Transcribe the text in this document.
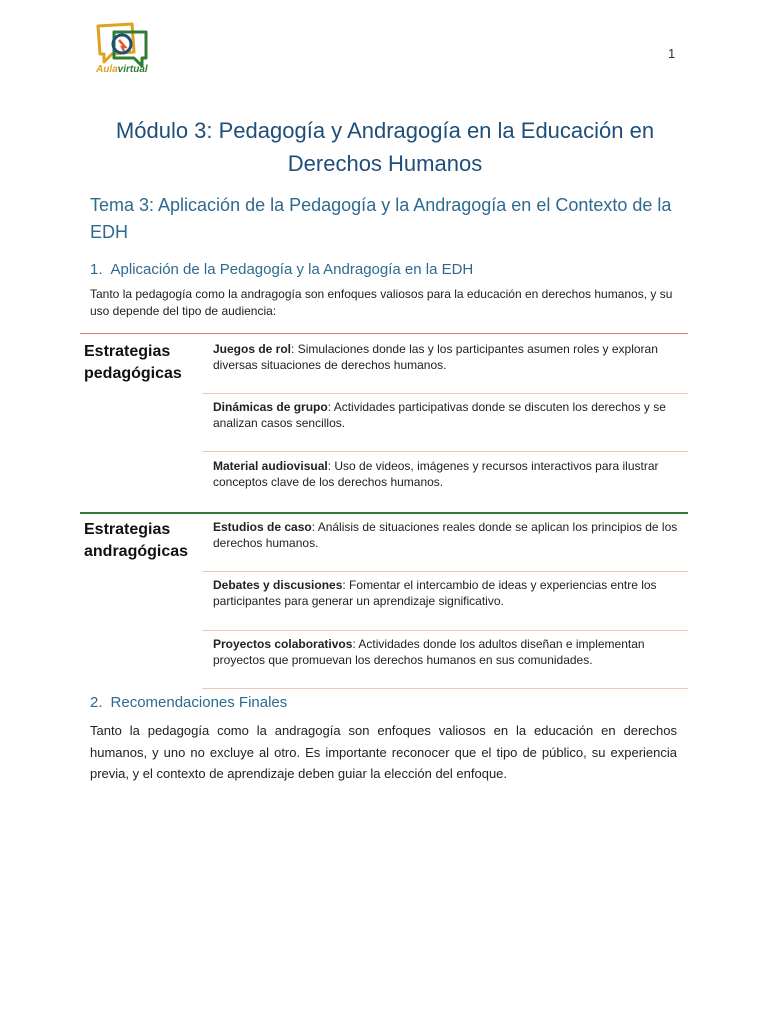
Aulavirtual
1
Módulo 3: Pedagogía y Andragogía en la Educación en Derechos Humanos
Tema 3: Aplicación de la Pedagogía y la Andragogía en el Contexto de la EDH
1. Aplicación de la Pedagogía y la Andragogía en la EDH

Tanto la pedagogía como la andragogía son enfoques valiosos para la educación en derechos humanos, y su uso depende del tipo de audiencia:

Estrategias pedagógicas
Juegos de rol: Simulaciones donde las y los participantes asumen roles y exploran diversas situaciones de derechos humanos.
Dinámicas de grupo: Actividades participativas donde se discuten los derechos y se analizan casos sencillos.
Material audiovisual: Uso de videos, imágenes y recursos interactivos para ilustrar conceptos clave de los derechos humanos.
Estrategias andragógicas
Estudios de caso: Análisis de situaciones reales donde se aplican los principios de los derechos humanos.
Debates y discusiones: Fomentar el intercambio de ideas y experiencias entre los participantes para generar un aprendizaje significativo.
Proyectos colaborativos: Actividades donde los adultos diseñan e implementan proyectos que promuevan los derechos humanos en sus comunidades.
2. Recomendaciones Finales

Tanto la pedagogía como la andragogía son enfoques valiosos en la educación en derechos humanos, y uno no excluye al otro. Es importante reconocer que el tipo de público, su experiencia previa, y el contexto de aprendizaje deben guiar la elección del enfoque.
